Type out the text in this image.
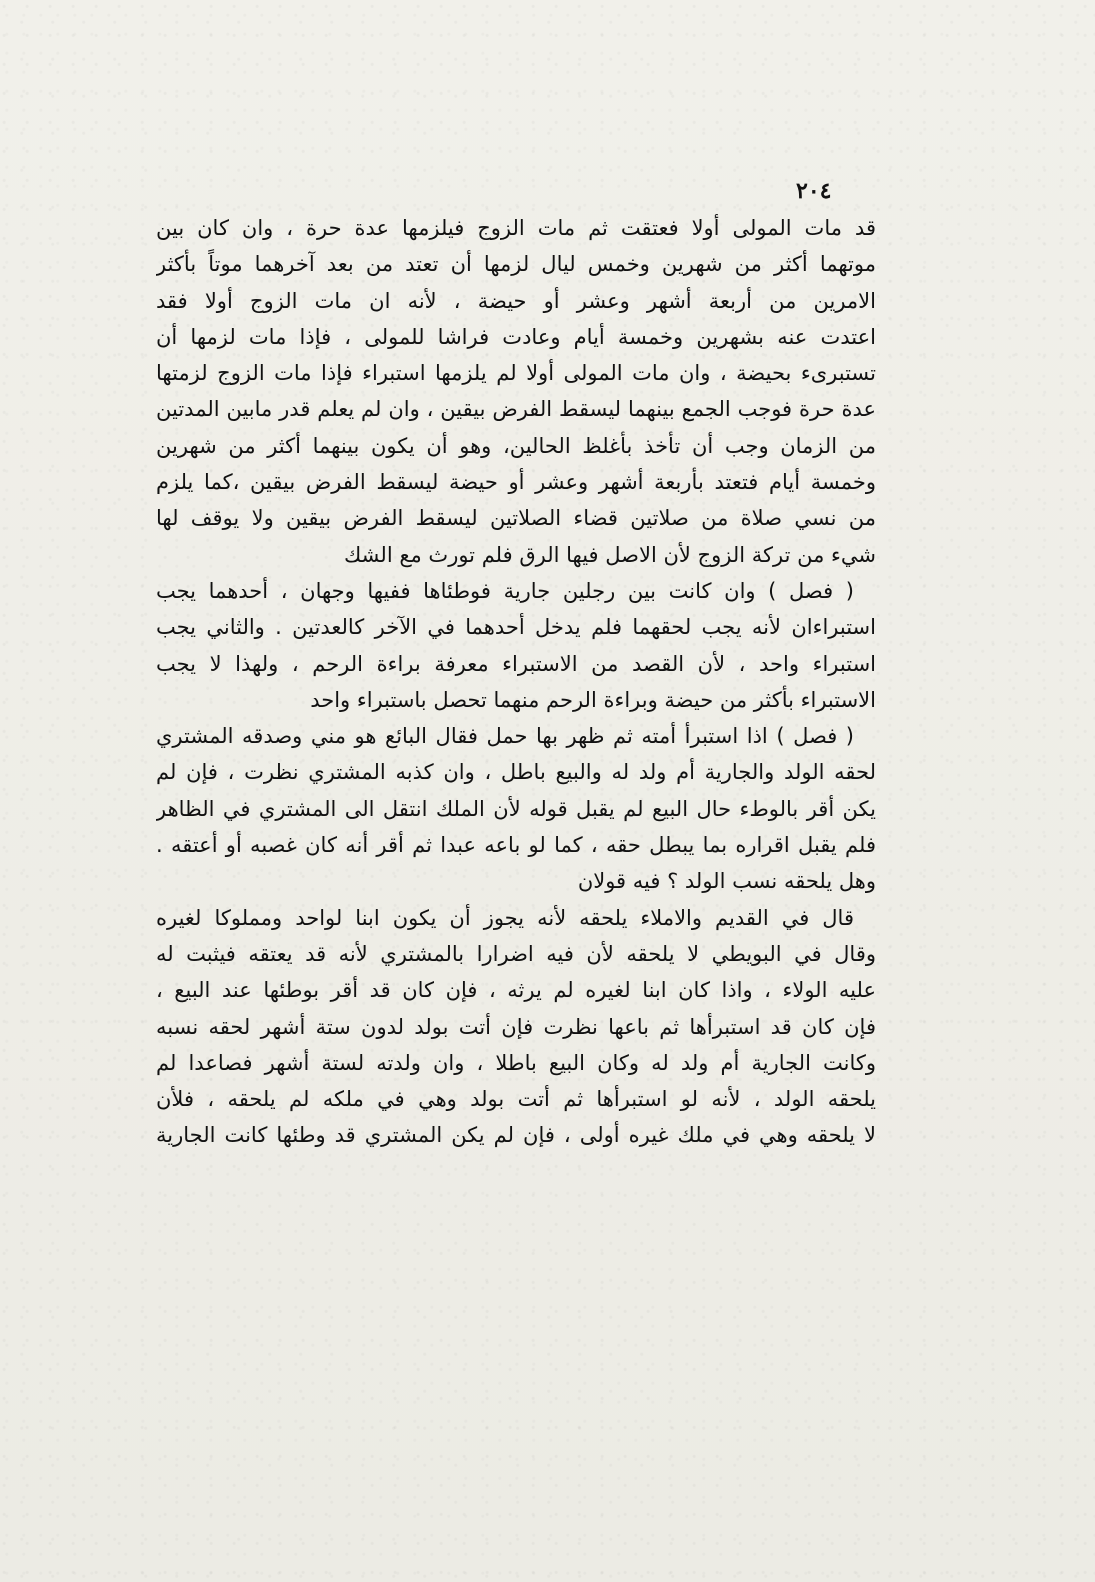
٢٠٤
قد مات المولى أولا فعتقت ثم مات الزوج فيلزمها عدة حرة ، وان كان بين
موتهما أكثر من شهرين وخمس ليال لزمها أن تعتد من بعد آخرهما موتاً بأكثر
الامرين من أربعة أشهر وعشر أو حيضة ، لأنه ان مات الزوج أولا فقد
اعتدت عنه بشهرين وخمسة أيام وعادت فراشا للمولى ، فإذا مات لزمها أن
تستبرىء بحيضة ، وان مات المولى أولا لم يلزمها استبراء فإذا مات الزوج لزمتها
عدة حرة فوجب الجمع بينهما ليسقط الفرض بيقين ، وان لم يعلم قدر مابين المدتين
من الزمان وجب أن تأخذ بأغلظ الحالين، وهو أن يكون بينهما أكثر من شهرين
وخمسة أيام فتعتد بأربعة أشهر وعشر أو حيضة ليسقط الفرض بيقين ،كما يلزم
من نسي صلاة من صلاتين قضاء الصلاتين ليسقط الفرض بيقين ولا يوقف لها
شيء من تركة الزوج لأن الاصل فيها الرق فلم تورث مع الشك
( فصل ) وان كانت بين رجلين جارية فوطئاها ففيها وجهان ، أحدهما يجب
استبراءان لأنه يجب لحقهما فلم يدخل أحدهما في الآخر كالعدتين . والثاني يجب
استبراء واحد ، لأن القصد من الاستبراء معرفة براءة الرحم ، ولهذا لا يجب
الاستبراء بأكثر من حيضة وبراءة الرحم منهما تحصل باستبراء واحد
( فصل ) اذا استبرأ أمته ثم ظهر بها حمل فقال البائع هو مني وصدقه المشتري
لحقه الولد والجارية أم ولد له والبيع باطل ، وان كذبه المشتري نظرت ، فإن لم
يكن أقر بالوطء حال البيع لم يقبل قوله لأن الملك انتقل الى المشتري في الظاهر
فلم يقبل اقراره بما يبطل حقه ، كما لو باعه عبدا ثم أقر أنه كان غصبه أو أعتقه .
وهل يلحقه نسب الولد ؟ فيه قولان
قال في القديم والاملاء يلحقه لأنه يجوز أن يكون ابنا لواحد ومملوكا لغيره
وقال في البويطي لا يلحقه لأن فيه اضرارا بالمشتري لأنه قد يعتقه فيثبت له
عليه الولاء ، واذا كان ابنا لغيره لم يرثه ، فإن كان قد أقر بوطئها عند البيع ،
فإن كان قد استبرأها ثم باعها نظرت فإن أتت بولد لدون ستة أشهر لحقه نسبه
وكانت الجارية أم ولد له وكان البيع باطلا ، وان ولدته لستة أشهر فصاعدا لم
يلحقه الولد ، لأنه لو استبرأها ثم أتت بولد وهي في ملكه لم يلحقه ، فلأن
لا يلحقه وهي في ملك غيره أولى ، فإن لم يكن المشتري قد وطئها كانت الجارية
